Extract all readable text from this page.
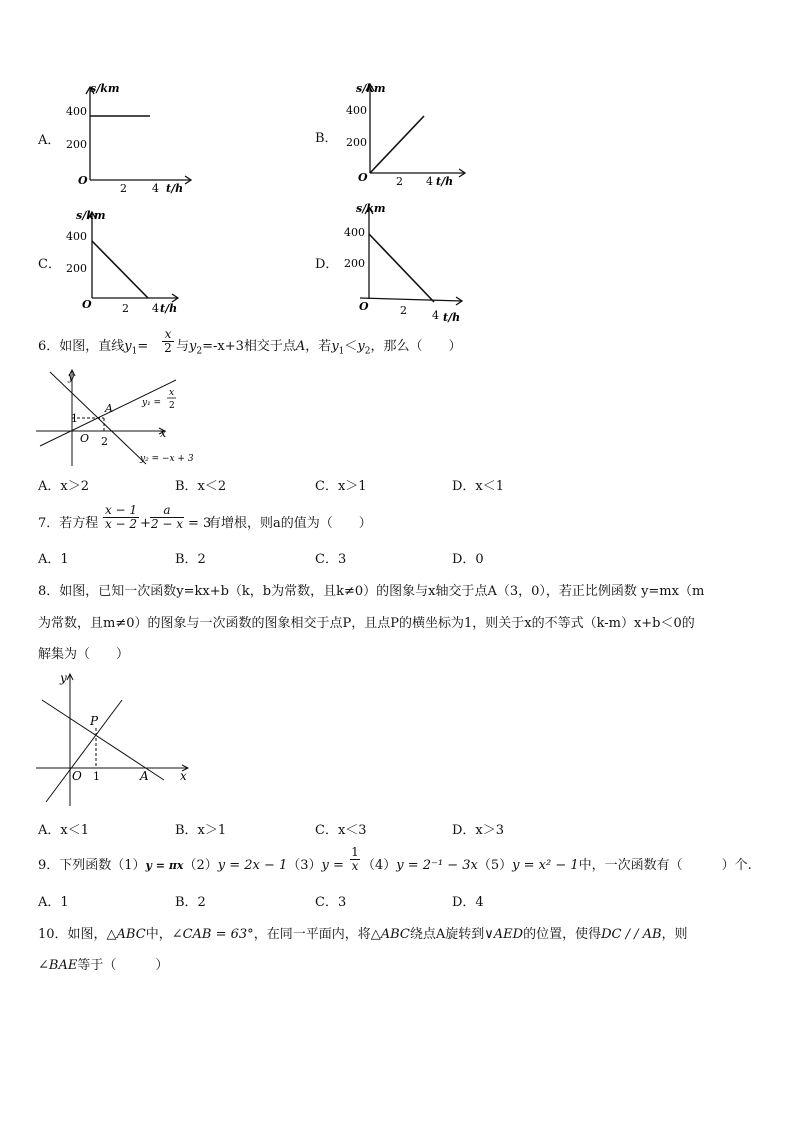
A．
s/km
400
200
O
2 4 t/h
B．
s/km
400
200
O	2 4 t/h
C．
s/km
400
200
O	2 4 t/h
D．
s/km
400
200
O	2 4 t/h
6．如图，直线$y_1=$
x
2 与$y_2=-x+3$相交于点A，若$y_1<y_2$，那么（　　）
y
x
O
1
2
A	y₁ =
x
2
y₂ = −x + 3
A．x＞2	B．x＜2	C．x＞1	D．x＜1
7．若方程
x − 1
x − 2 +
a
2 − x = 3
有增根，则a的值为（　　）
A．1	B．2	C．3	D．0
8．如图，已知一次函数y=kx+b（k，b为常数，且k≠0）的图象与x轴交于点A（3，0），若正比例函数 y=mx（m
为常数，且m≠0）的图象与一次函数的图象相交于点P，且点P的横坐标为1，则关于x的不等式（k-m）x+b＜0的
解集为（　　）
y
x
O
P
1	A
A．x＜1	B．x＞1	C．x＜3	D．x＞3
9．下列函数（1）y = πx（2）y = 2x − 1（3）y =
1
x （4）y = 2⁻¹ − 3x（5）y = x² − 1中，一次函数有（　　　）个.
A．1	B．2	C．3	D．4
10．如图，△ABC中，∠CAB = 63°，在同一平面内，将△ABC绕点A旋转到∨AED的位置，使得DC / / AB，则
∠BAE等于（　　　）
